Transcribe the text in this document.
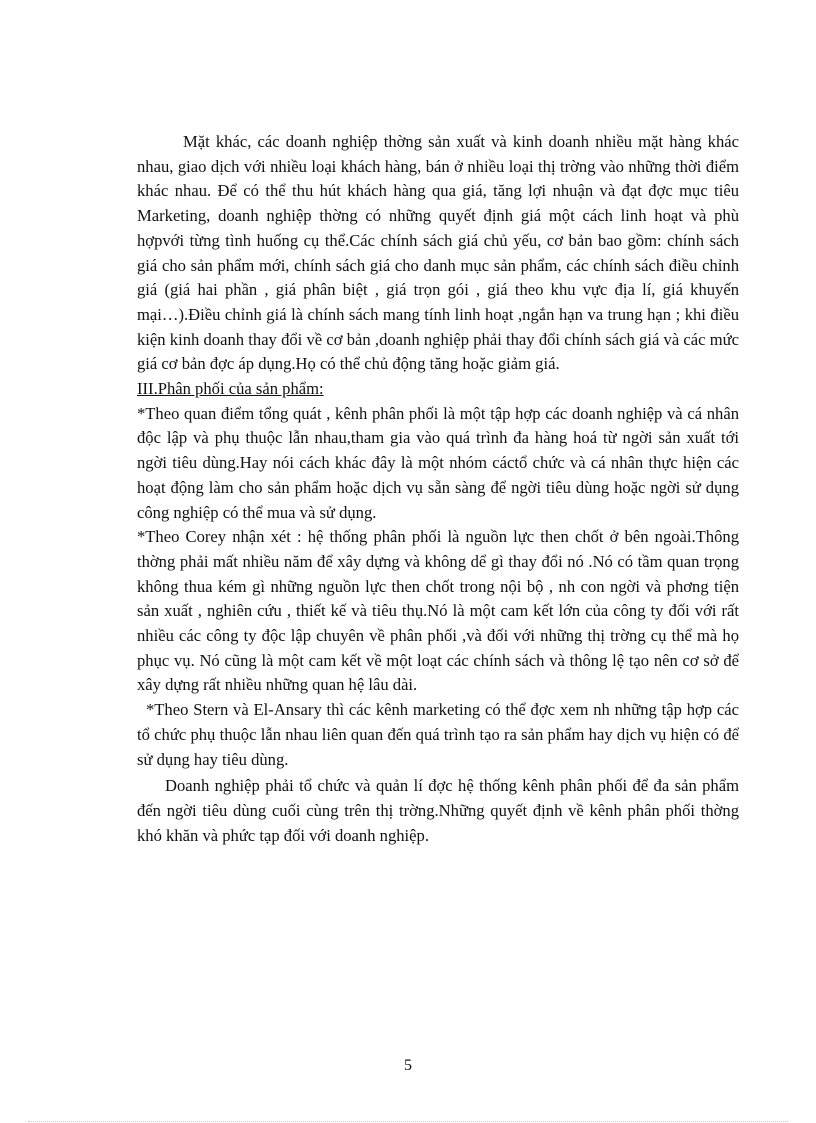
Mặt khác, các doanh nghiệp thờng sản xuất và kinh doanh nhiều mặt hàng khác nhau, giao dịch với nhiều loại khách hàng, bán ở nhiều loại thị trờng vào những thời điểm khác nhau. Để có thể thu hút khách hàng qua giá, tăng lợi nhuận và đạt đợc mục tiêu Marketing, doanh nghiệp thờng có những quyết định giá một cách linh hoạt và phù hợpvới từng tình huống cụ thể.Các chính sách giá chủ yếu, cơ bản bao gồm: chính sách giá cho sản phẩm mới, chính sách giá cho danh mục sản phẩm, các chính sách điều chỉnh giá (giá hai phần , giá phân biệt , giá trọn gói , giá theo khu vực địa lí, giá khuyến mại…).Điều chỉnh giá là chính sách mang tính linh hoạt ,ngắn hạn va trung hạn ; khi điều kiện kinh doanh thay đổi về cơ bản ,doanh nghiệp phải thay đổi chính sách giá và các mức giá cơ bản đợc áp dụng.Họ có thể chủ động tăng hoặc giảm giá.

III.Phân phối của sản phẩm:

*Theo quan điểm tổng quát , kênh phân phối là một tập hợp các doanh nghiệp và cá nhân độc lập và phụ thuộc lẫn nhau,tham gia vào quá trình đa hàng hoá từ ngời sản xuất tới ngời tiêu dùng.Hay nói cách khác đây là một nhóm cáctổ chức và cá nhân thực hiện các hoạt động làm cho sản phẩm hoặc dịch vụ sẵn sàng để ngời tiêu dùng hoặc ngời sử dụng công nghiệp có thể mua và sử dụng.

*Theo Corey nhận xét : hệ thống phân phối là nguồn lực then chốt ở bên ngoài.Thông thờng phải mất nhiều năm để xây dựng và không dể gì thay đổi nó .Nó có tầm quan trọng không thua kém gì những nguồn lực then chốt trong nội bộ , nh con ngời và phơng tiện sản xuất , nghiên cứu , thiết kế và tiêu thụ.Nó là một cam kết lớn của công ty đối với rất nhiều các công ty độc lập chuyên về phân phối ,và đối với những thị trờng cụ thể mà họ phục vụ. Nó cũng là một cam kết về một loạt các chính sách và thông lệ tạo nên cơ sở để xây dựng rất nhiều những quan hệ lâu dài.

*Theo Stern và El-Ansary thì các kênh marketing có thể đợc xem nh những tập hợp các tổ chức phụ thuộc lẫn nhau liên quan đến quá trình tạo ra sản phẩm hay dịch vụ hiện có để sử dụng hay tiêu dùng.

Doanh nghiệp phải tổ chức và quản lí đợc hệ thống kênh phân phối để đa sản phẩm đến ngời tiêu dùng cuối cùng trên thị trờng.Những quyết định về kênh phân phối thờng khó khăn và phức tạp đối với doanh nghiệp.

5
